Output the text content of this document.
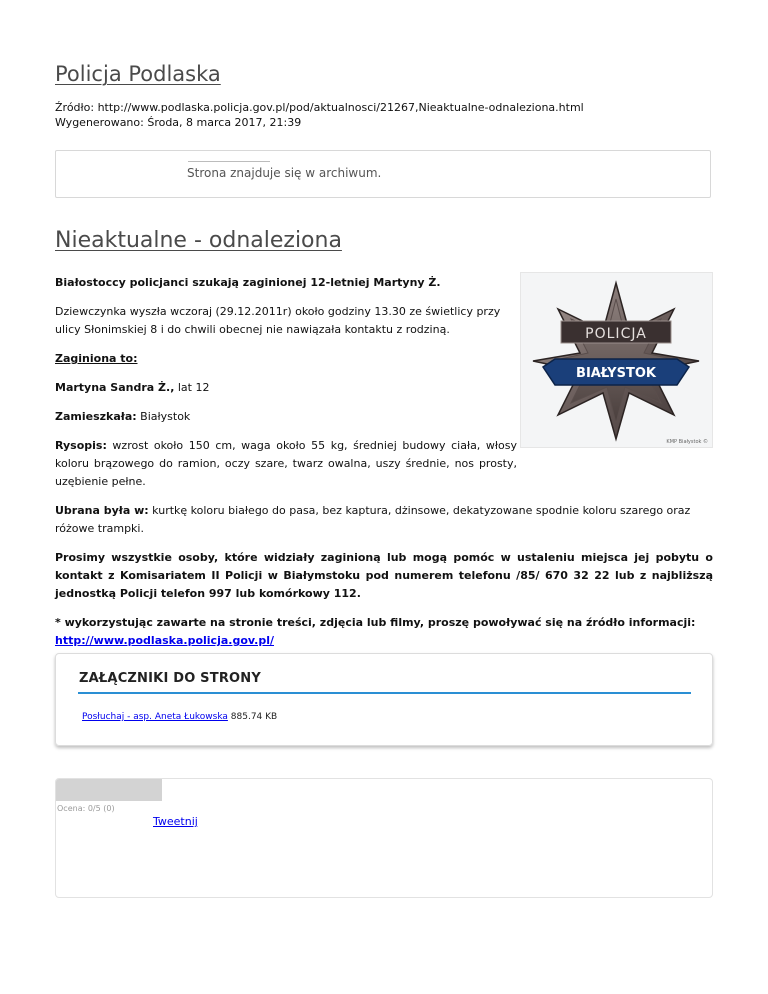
Policja Podlaska
Źródło: http://www.podlaska.policja.gov.pl/pod/aktualnosci/21267,Nieaktualne-odnaleziona.html
Wygenerowano: Środa, 8 marca 2017, 21:39
Strona znajduje się w archiwum.
Nieaktualne - odnaleziona
POLICJA
BIAŁYSTOK
KMP Białystok ©

Białostoccy policjanci szukają zaginionej 12-letniej Martyny Ż.

Dziewczynka wyszła wczoraj (29.12.2011r) około godziny 13.30 ze świetlicy przy ulicy Słonimskiej 8 i do chwili obecnej nie nawiązała kontaktu z rodziną.

Zaginiona to:

Martyna Sandra Ż., lat 12

Zamieszkała: Białystok

Rysopis: wzrost około 150 cm, waga około 55 kg, średniej budowy ciała, włosy koloru brązowego do ramion, oczy szare, twarz owalna, uszy średnie, nos prosty, uzębienie pełne.

Ubrana była w: kurtkę koloru białego do pasa, bez kaptura, dżinsowe, dekatyzowane spodnie koloru szarego oraz różowe trampki.

Prosimy wszystkie osoby, które widziały zaginioną lub mogą pomóc w ustaleniu miejsca jej pobytu o kontakt z Komisariatem II Policji w Białymstoku pod numerem telefonu /85/ 670 32 22 lub z najbliższą jednostką Policji telefon 997 lub komórkowy 112.

* wykorzystując zawarte na stronie treści, zdjęcia lub filmy, proszę powoływać się na źródło informacji:
http://www.podlaska.policja.gov.pl/

ZAŁĄCZNIKI DO STRONY
Posłuchaj - asp. Aneta Łukowska 885.74 KB
Ocena: 0/5 (0)
Tweetnij
